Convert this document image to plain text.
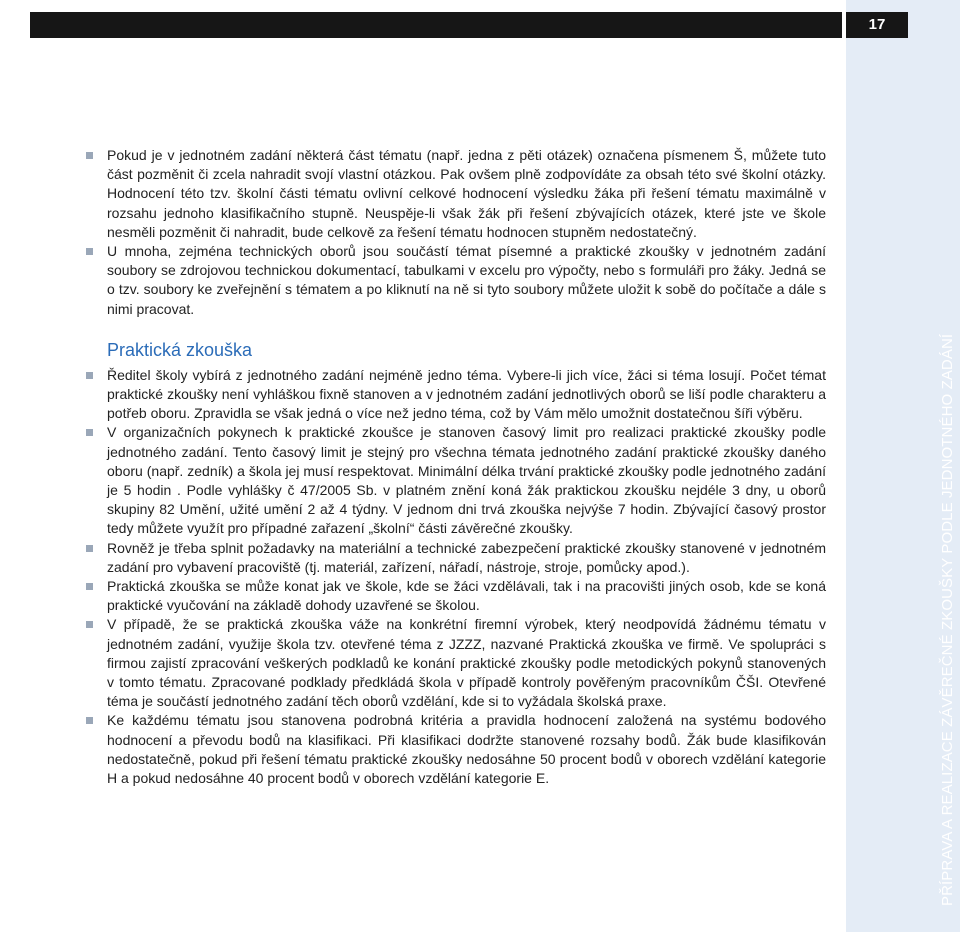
17
PŘÍPRAVA A REALIZACE ZÁVĚREČNÉ ZKOUŠKY PODLE JEDNOTNÉHO ZADÁNÍ
Pokud je v jednotném zadání některá část tématu (např. jedna z pěti otázek) označena písmenem Š, můžete tuto část pozměnit či zcela nahradit svojí vlastní otázkou. Pak ovšem plně zodpovídáte za obsah této své školní otázky. Hodnocení této tzv. školní části tématu ovlivní celkové hodnocení výsledku žáka při řešení tématu maximálně v rozsahu jednoho klasifikačního stupně. Neuspěje-li však žák při řešení zbývajících otázek, které jste ve škole nesměli pozměnit či nahradit, bude celkově za řešení tématu hodnocen stupněm nedostatečný.
U mnoha, zejména technických oborů jsou součástí témat písemné a praktické zkoušky v jednotném zadání soubory se zdrojovou technickou dokumentací, tabulkami v excelu pro výpočty, nebo s formuláři pro žáky. Jedná se o tzv. soubory ke zveřejnění s tématem a po kliknutí na ně si tyto soubory můžete uložit k sobě do počítače a dále s nimi pracovat.
Praktická zkouška
Ředitel školy vybírá z jednotného zadání nejméně jedno téma. Vybere-li jich více, žáci si téma losují. Počet témat praktické zkoušky není vyhláškou fixně stanoven a v jednotném zadání jednotlivých oborů se liší podle charakteru a potřeb oboru. Zpravidla se však jedná o více než jedno téma, což by Vám mělo umožnit dostatečnou šíři výběru.
V organizačních pokynech k praktické zkoušce je stanoven časový limit pro realizaci praktické zkoušky podle jednotného zadání. Tento časový limit je stejný pro všechna témata jednotného zadání praktické zkoušky daného oboru (např. zedník) a škola jej musí respektovat. Minimální délka trvání praktické zkoušky podle jednotného zadání je 5 hodin . Podle vyhlášky č 47/2005 Sb. v platném znění koná žák praktickou zkoušku nejdéle 3 dny, u oborů skupiny 82 Umění, užité umění 2 až 4 týdny. V jednom dni trvá zkouška nejvýše 7 hodin. Zbývající časový prostor tedy můžete využít pro případné zařazení „školní“ části závěrečné zkoušky.
Rovněž je třeba splnit požadavky na materiální a technické zabezpečení praktické zkoušky stanovené v jednotném zadání pro vybavení pracoviště (tj. materiál, zařízení, nářadí, nástroje, stroje, pomůcky apod.).
Praktická zkouška se může konat jak ve škole, kde se žáci vzdělávali, tak i na pracovišti jiných osob, kde se koná praktické vyučování na základě dohody uzavřené se školou.
V případě, že se praktická zkouška váže na konkrétní firemní výrobek, který neodpovídá žádnému tématu v jednotném zadání, využije škola tzv. otevřené téma z JZZZ, nazvané Praktická zkouška ve firmě. Ve spolupráci s firmou zajistí zpracování veškerých podkladů ke konání praktické zkoušky podle metodických pokynů stanovených v tomto tématu. Zpracované podklady předkládá škola v případě kontroly pověřeným pracovníkům ČŠI. Otevřené téma je součástí jednotného zadání těch oborů vzdělání, kde si to vyžádala školská praxe.
Ke každému tématu jsou stanovena podrobná kritéria a pravidla hodnocení založená na systému bodového hodnocení a převodu bodů na klasifikaci. Při klasifikaci dodržte stanovené rozsahy bodů. Žák bude klasifikován nedostatečně, pokud při řešení tématu praktické zkoušky nedosáhne 50 procent bodů v oborech vzdělání kategorie H a pokud nedosáhne 40 procent bodů v oborech vzdělání kategorie E.
